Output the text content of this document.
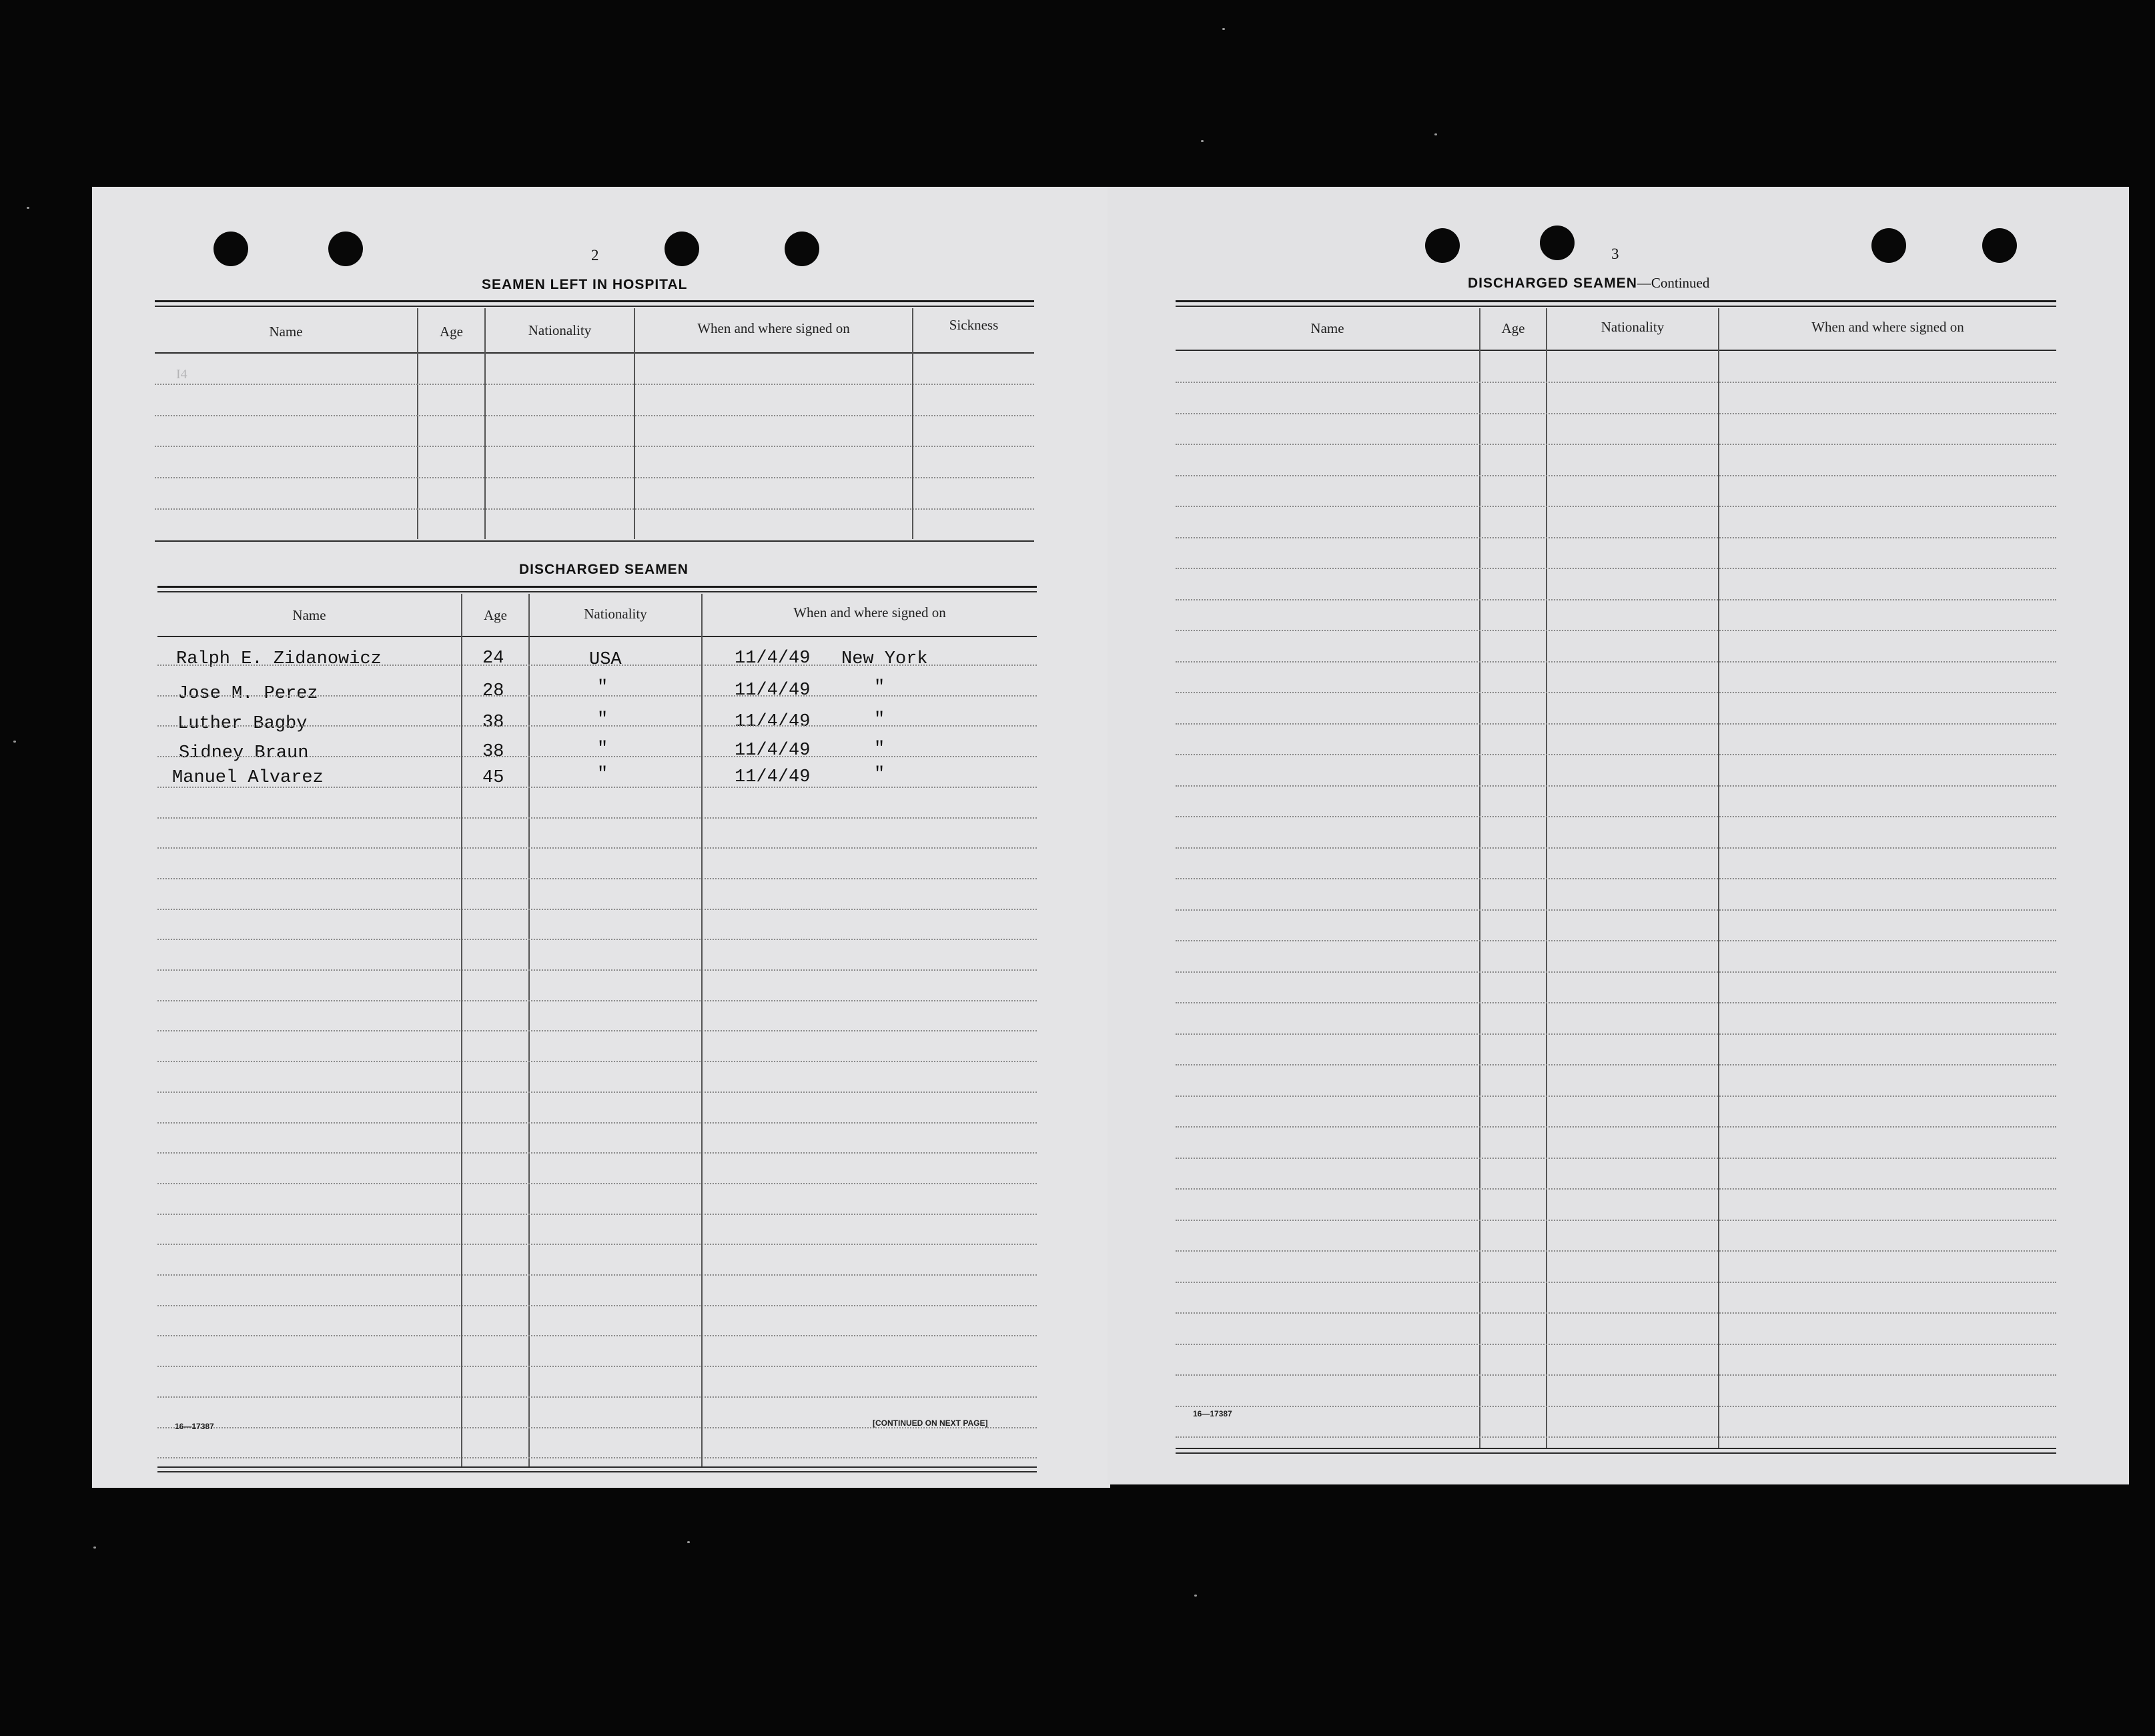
2
SEAMEN LEFT IN HOSPITAL
Name	Age	Nationality	When and where signed on	Sickness
I4
DISCHARGED SEAMEN
Name	Age	Nationality	When and where signed on
Ralph E. Zidanowicz	24	USA	11/4/49 New York
Jose M. Perez	28	"	11/4/49	"
Luther Bagby	38	"	11/4/49	"
Sidney Braun	38	"	11/4/49	"
Manuel Alvarez	45	"	11/4/49	"
16—17387	[CONTINUED ON NEXT PAGE]
3
DISCHARGED SEAMEN—Continued
Name	Age	Nationality	When and where signed on
16—17387
